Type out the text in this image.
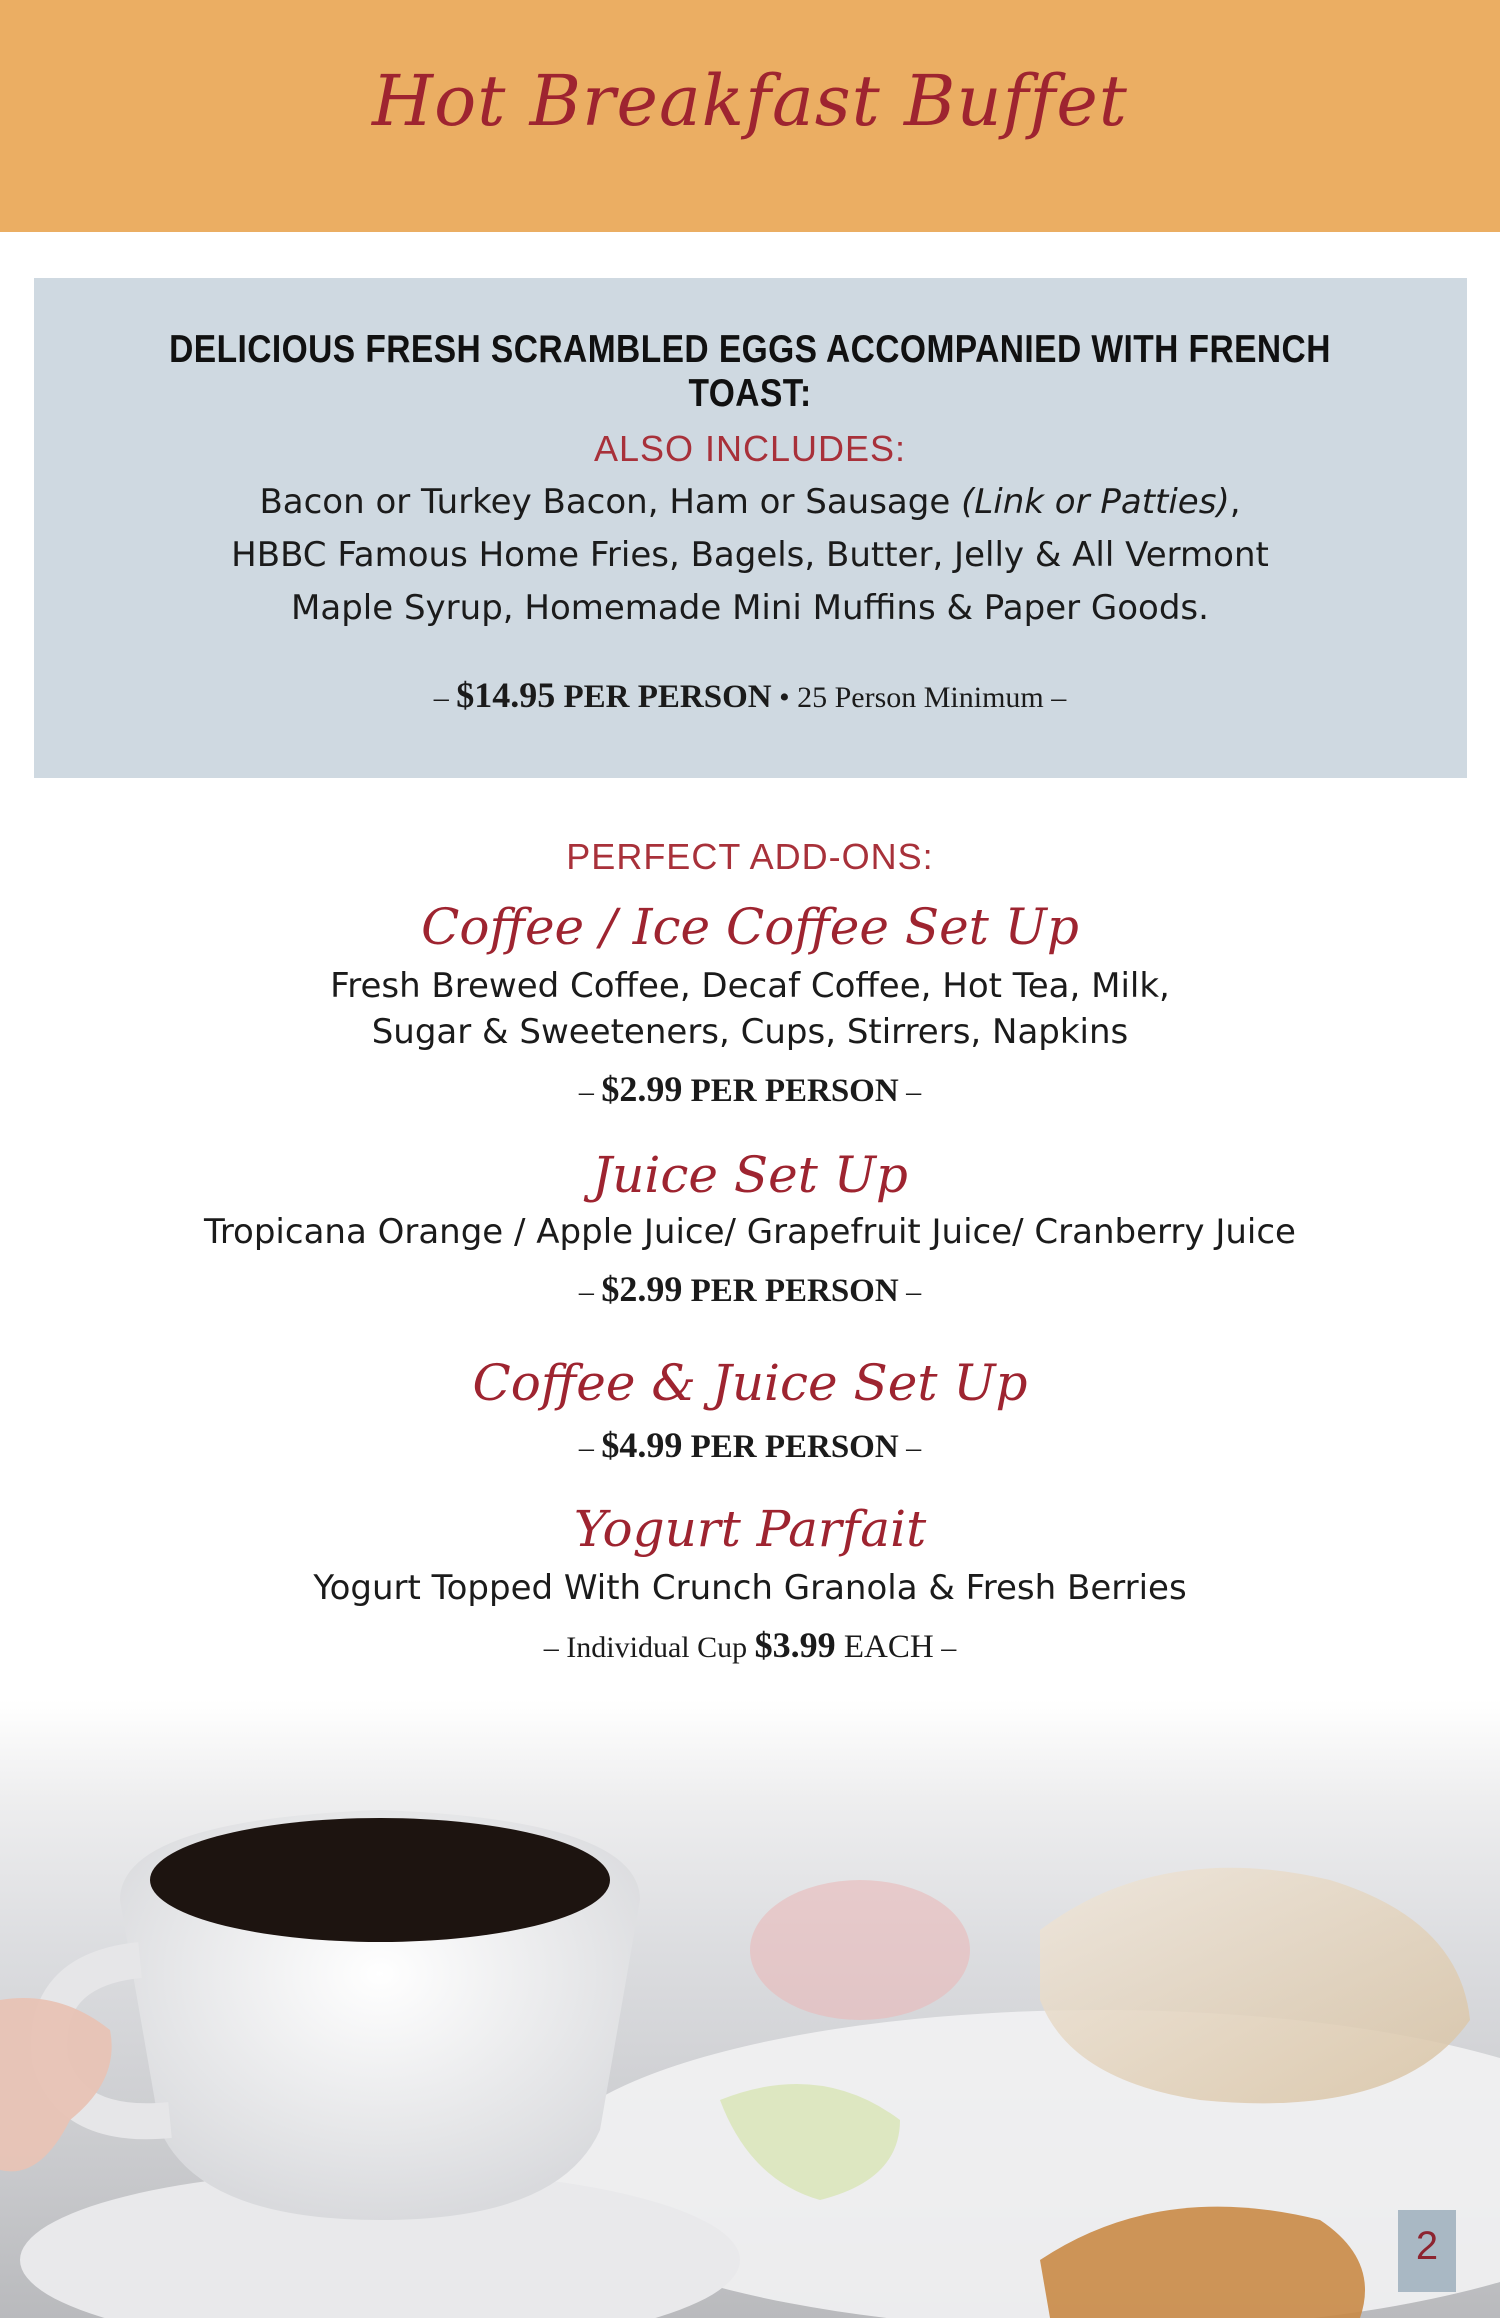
Hot Breakfast Buffet
DELICIOUS FRESH SCRAMBLED EGGS ACCOMPANIED WITH FRENCH TOAST:
ALSO INCLUDES:
Bacon or Turkey Bacon, Ham or Sausage (Link or Patties),
HBBC Famous Home Fries, Bagels, Butter, Jelly & All Vermont
Maple Syrup, Homemade Mini Muffins & Paper Goods.
– $14.95 PER PERSON • 25 Person Minimum –
PERFECT ADD-ONS:
Coffee / Ice Coffee Set Up
Fresh Brewed Coffee, Decaf Coffee, Hot Tea, Milk,
Sugar & Sweeteners, Cups, Stirrers, Napkins
– $2.99 PER PERSON –
Juice Set Up
Tropicana Orange / Apple Juice/ Grapefruit Juice/ Cranberry Juice
– $2.99 PER PERSON –
Coffee & Juice Set Up
– $4.99 PER PERSON –
Yogurt Parfait
Yogurt Topped With Crunch Granola & Fresh Berries
– Individual Cup $3.99 EACH –
2
